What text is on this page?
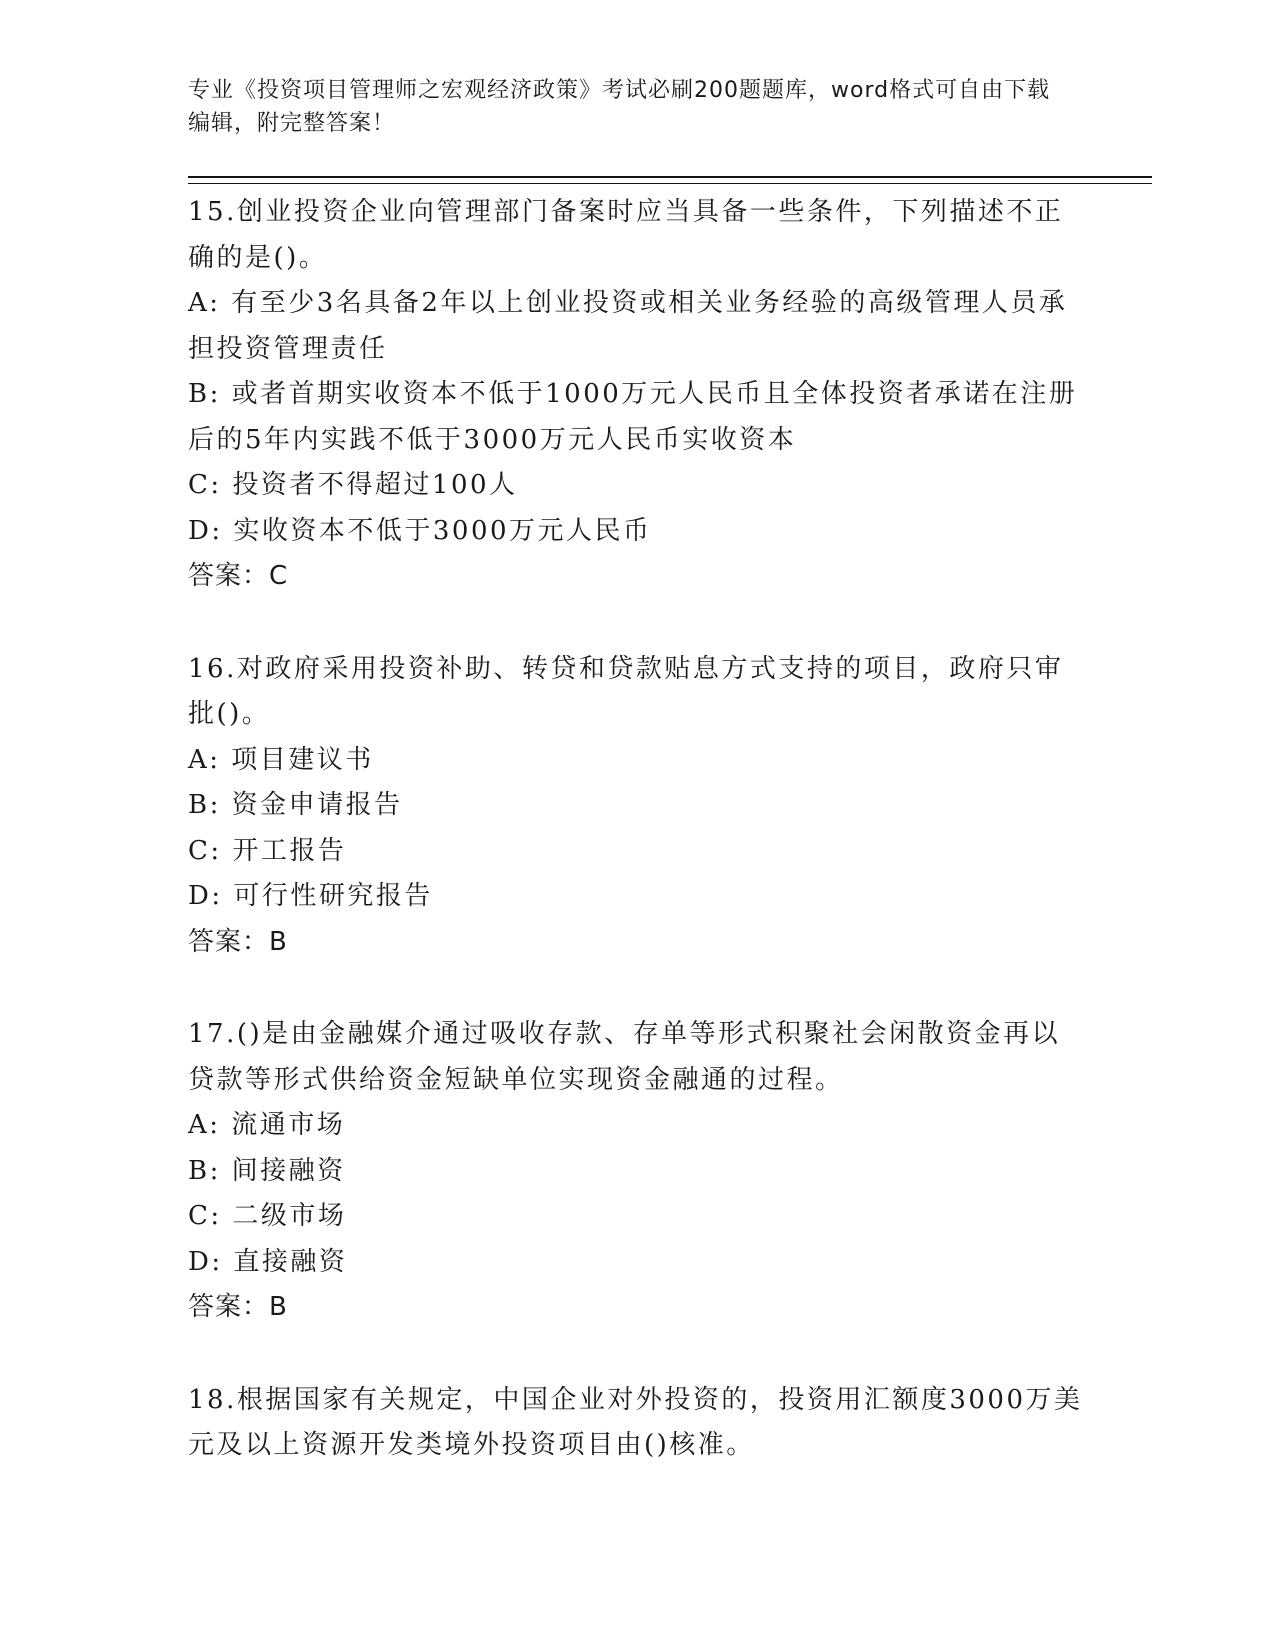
专业《投资项目管理师之宏观经济政策》考试必刷200题题库，word格式可自由下载编辑，附完整答案！
15.创业投资企业向管理部门备案时应当具备一些条件，下列描述不正确的是()。
A: 有至少3名具备2年以上创业投资或相关业务经验的高级管理人员承担投资管理责任
B: 或者首期实收资本不低于1000万元人民币且全体投资者承诺在注册后的5年内实践不低于3000万元人民币实收资本
C: 投资者不得超过100人
D: 实收资本不低于3000万元人民币
答案：C
16.对政府采用投资补助、转贷和贷款贴息方式支持的项目，政府只审批()。
A: 项目建议书
B: 资金申请报告
C: 开工报告
D: 可行性研究报告
答案：B
17.()是由金融媒介通过吸收存款、存单等形式积聚社会闲散资金再以贷款等形式供给资金短缺单位实现资金融通的过程。
A: 流通市场
B: 间接融资
C: 二级市场
D: 直接融资
答案：B
18.根据国家有关规定，中国企业对外投资的，投资用汇额度3000万美元及以上资源开发类境外投资项目由()核准。
